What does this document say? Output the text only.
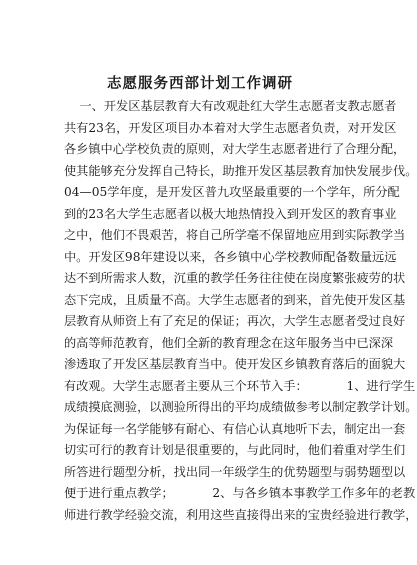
志愿服务西部计划工作调研
一、开发区基层教育大有改观赴红大学生志愿者支教志愿者
共有23名，开发区项目办本着对大学生志愿者负责，对开发区
各乡镇中心学校负责的原则，对大学生志愿者进行了合理分配，
使其能够充分发挥自己特长，助推开发区基层教育加快发展步伐。
04—05学年度，是开发区普九攻坚最重要的一个学年，所分配
到的23名大学生志愿者以极大地热情投入到开发区的教育事业
之中，他们不畏艰苦，将自己所学毫不保留地应用到实际教学当
中。开发区98年建设以来，各乡镇中心学校教师配备数量远远
达不到所需求人数，沉重的教学任务往往使在岗度繁张疲劳的状
态下完成，且质量不高。大学生志愿者的到来，首先使开发区基
层教育从师资上有了充足的保证；再次，大学生志愿者受过良好
的高等师范教育，他们全新的教育理念在这年服务当中已深深
渗透取了开发区基层教育当中。使开发区乡镇教育落后的面貌大
有改观。大学生志愿者主要从三个环节入手：          1、进行学生
成绩摸底测验，以测验所得出的平均成绩做参考以制定教学计划。
为保证每一名学能够有耐心、有信心认真地听下去，制定出一套
切实可行的教育计划是很重要的，与此同时，他们着重对学生们
所答进行题型分析，找出同一年级学生的优势题型与弱势题型以
便于进行重点教学；          2、与各乡镇本事教学工作多年的老教
师进行教学经验交流，利用这些直接得出来的宝贵经验进行教学，
